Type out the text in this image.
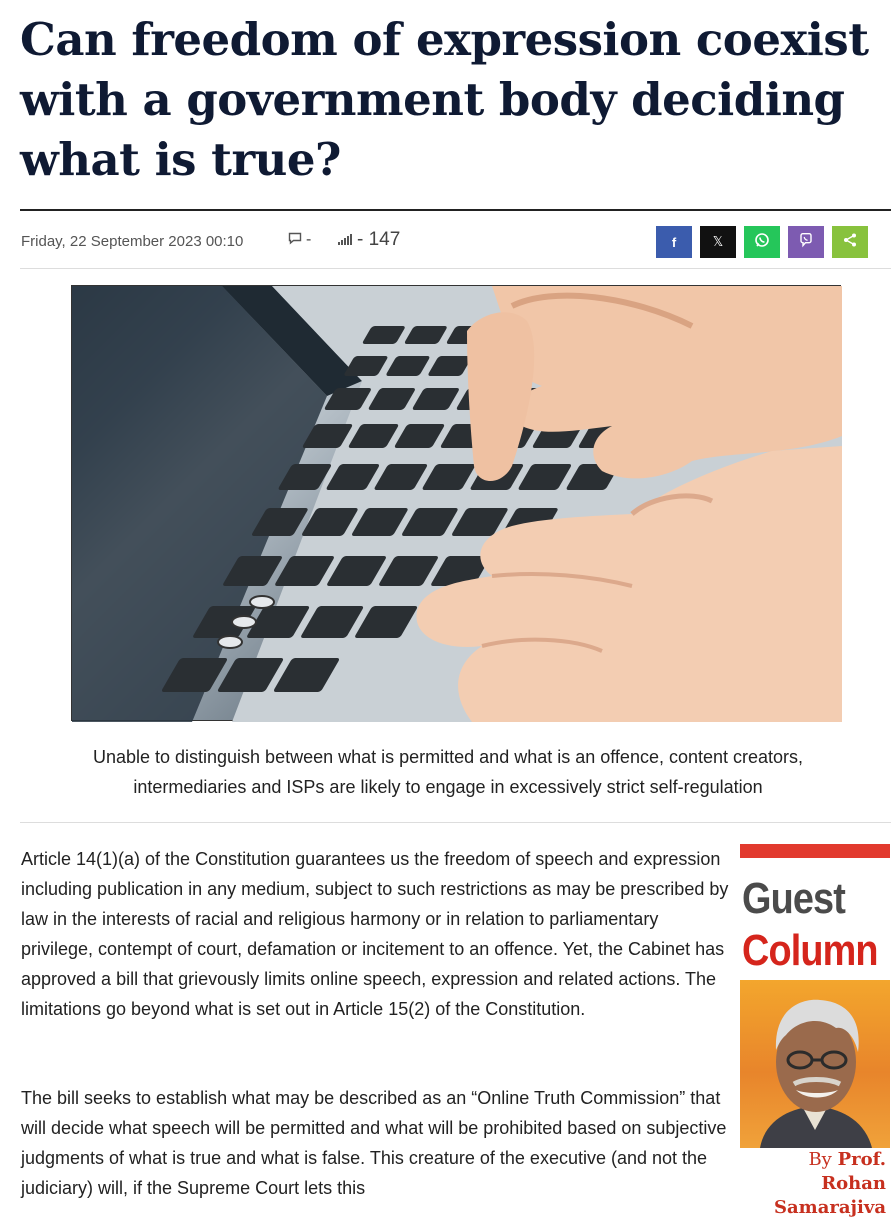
Can freedom of expression coexist with a government body deciding what is true?
Friday, 22 September 2023 00:10	- - 147	f	𝕏

Unable to distinguish between what is permitted and what is an offence, content creators, intermediaries and ISPs are likely to engage in excessively strict self-regulation

Article 14(1)(a) of the Constitution guarantees us the freedom of speech and expression including publication in any medium, subject to such restrictions as may be prescribed by law in the interests of racial and religious harmony or in relation to parliamentary privilege, contempt of court, defamation or incitement to an offence. Yet, the Cabinet has approved a bill that grievously limits online speech, expression and related actions. The limitations go beyond what is set out in Article 15(2) of the Constitution.

The bill seeks to establish what may be described as an “Online Truth Commission” that will decide what speech will be permitted and what will be prohibited based on subjective judgments of what is true and what is false. This creature of the executive (and not the judiciary) will, if the Supreme Court lets this

Guest
Column
By Prof. Rohan
Samarajiva
